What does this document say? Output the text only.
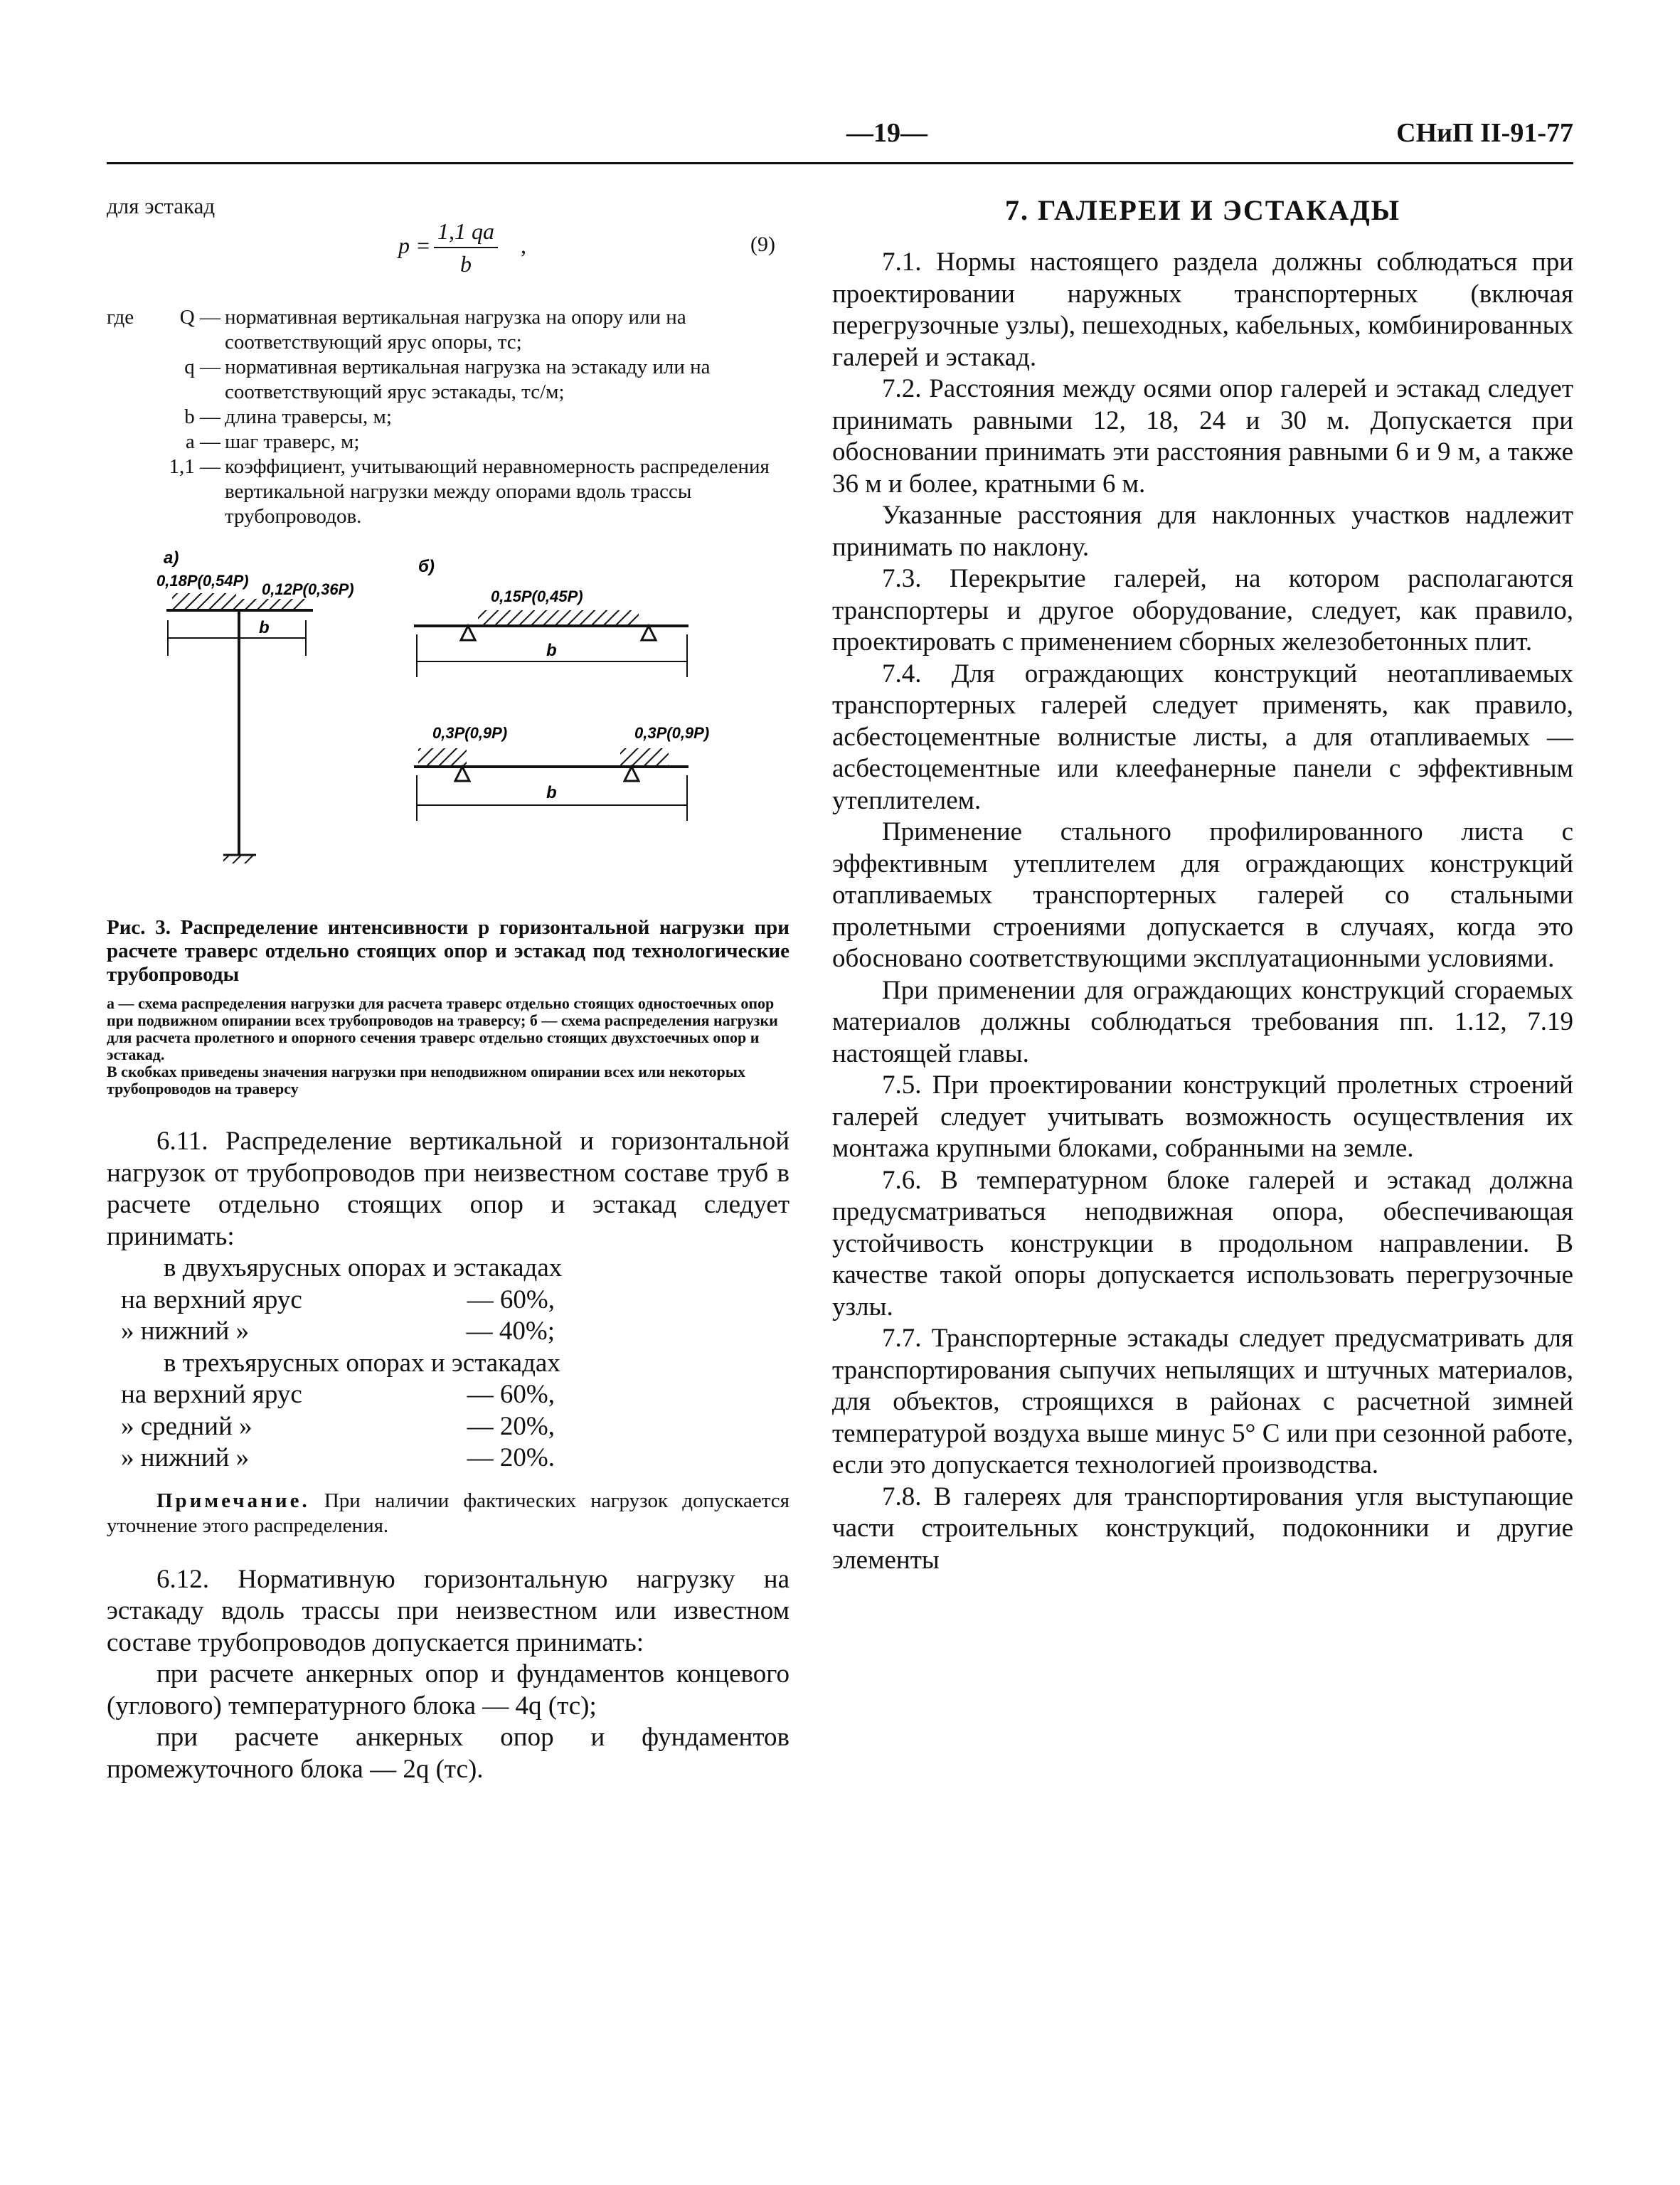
—19—	СНиП II-91-77
для эстакад
p =
1,1 qa
b
,	(9)
где Q — нормативная вертикальная нагрузка на опору или на соответствующий ярус опоры, тс;
q — нормативная вертикальная нагрузка на эстакаду или на соответствующий ярус эстакады, тс/м;
b — длина траверсы, м;
a — шаг траверс, м;
1,1 — коэффициент, учитывающий неравномерность распределения вертикальной нагрузки между опорами вдоль трассы трубопроводов.
а)
0,18P(0,54P) 0,12P(0,36P)
b
б)
0,15P(0,45P)
b
0,3P(0,9P)	0,3P(0,9P)
b
Рис. 3. Распределение интенсивности p горизонтальной нагрузки при расчете траверс отдельно стоящих опор и эстакад под технологические трубопроводы
а — схема распределения нагрузки для расчета траверс отдельно стоящих одностоечных опор при подвижном опирании всех трубопроводов на траверсу; б — схема распределения нагрузки для расчета пролетного и опорного сечения траверс отдельно стоящих двухстоечных опор и эстакад.
В скобках приведены значения нагрузки при неподвижном опирании всех или некоторых трубопроводов на траверсу

6.11. Распределение вертикальной и горизонтальной нагрузок от трубопроводов при неизвестном составе труб в расчете отдельно стоящих опор и эстакад следует принимать:

в двухъярусных опорах и эстакадах
на верхний ярус	— 60%,
» нижний »	— 40%;
в трехъярусных опорах и эстакадах
на верхний ярус	— 60%,
» средний »	— 20%,
» нижний »	— 20%.
Примечание. При наличии фактических нагрузок допускается уточнение этого распределения.

6.12. Нормативную горизонтальную нагрузку на эстакаду вдоль трассы при неизвестном или известном составе трубопроводов допускается принимать:

при расчете анкерных опор и фундаментов концевого (углового) температурного блока — 4q (тс);

при расчете анкерных опор и фундаментов промежуточного блока — 2q (тс).

7. ГАЛЕРЕИ И ЭСТАКАДЫ

7.1. Нормы настоящего раздела должны соблюдаться при проектировании наружных транспортерных (включая перегрузочные узлы), пешеходных, кабельных, комбинированных галерей и эстакад.

7.2. Расстояния между осями опор галерей и эстакад следует принимать равными 12, 18, 24 и 30 м. Допускается при обосновании принимать эти расстояния равными 6 и 9 м, а также 36 м и более, кратными 6 м.

Указанные расстояния для наклонных участков надлежит принимать по наклону.

7.3. Перекрытие галерей, на котором располагаются транспортеры и другое оборудование, следует, как правило, проектировать с применением сборных железобетонных плит.

7.4. Для ограждающих конструкций неотапливаемых транспортерных галерей следует применять, как правило, асбестоцементные волнистые листы, а для отапливаемых — асбестоцементные или клеефанерные панели с эффективным утеплителем.

Применение стального профилированного листа с эффективным утеплителем для ограждающих конструкций отапливаемых транспортерных галерей со стальными пролетными строениями допускается в случаях, когда это обосновано соответствующими эксплуатационными условиями.

При применении для ограждающих конструкций сгораемых материалов должны соблюдаться требования пп. 1.12, 7.19 настоящей главы.

7.5. При проектировании конструкций пролетных строений галерей следует учитывать возможность осуществления их монтажа крупными блоками, собранными на земле.

7.6. В температурном блоке галерей и эстакад должна предусматриваться неподвижная опора, обеспечивающая устойчивость конструкции в продольном направлении. В качестве такой опоры допускается использовать перегрузочные узлы.

7.7. Транспортерные эстакады следует предусматривать для транспортирования сыпучих непылящих и штучных материалов, для объектов, строящихся в районах с расчетной зимней температурой воздуха выше минус 5° С или при сезонной работе, если это допускается технологией производства.

7.8. В галереях для транспортирования угля выступающие части строительных конструкций, подоконники и другие элементы
